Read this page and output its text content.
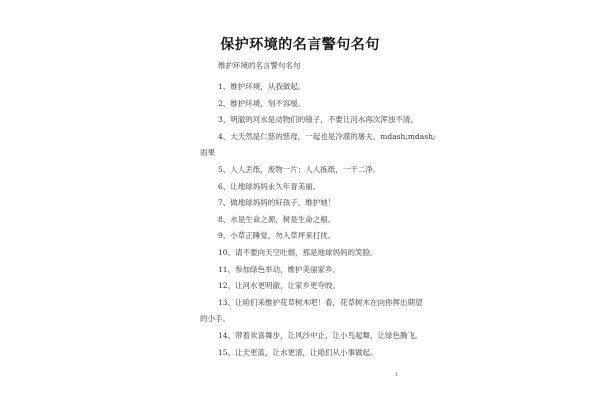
保护环境的名言警句名句
维护环境的名言警句名句
1、维护环境，从我做起。
2、维护环境，刻不容缓。
3、明澈的河水是动物们的镜子，不要让河水再次浑浊不清。
4、大天然是仁慈的慈母，一起也是冷漠的屠夫。mdash;mdash;
雨果
5、人人丢纸，废物一片；人人拣纸，一干二净。
6、让地球妈妈永久年青美丽。
7、做地球妈妈的好孩子，维护她！
8、水是生命之源，树是生命之根。
9、小草正睡觉，勿入草坪来打扰。
10、请不要向天空吐烟，那是地球妈妈的笑脸。
11、参加绿色举动，维护美丽家乡。
12、让河水更明澈，让家乡更夸皎。
13、让咱们来维护花草树木吧！看，花草树木在向你挥出期望
的小手。
14、带着欢喜舞步，让风沙中止，让小鸟起舞，让绿色腾飞。
15、让天更蓝，让水更清，让咱们从小事做起。
1
